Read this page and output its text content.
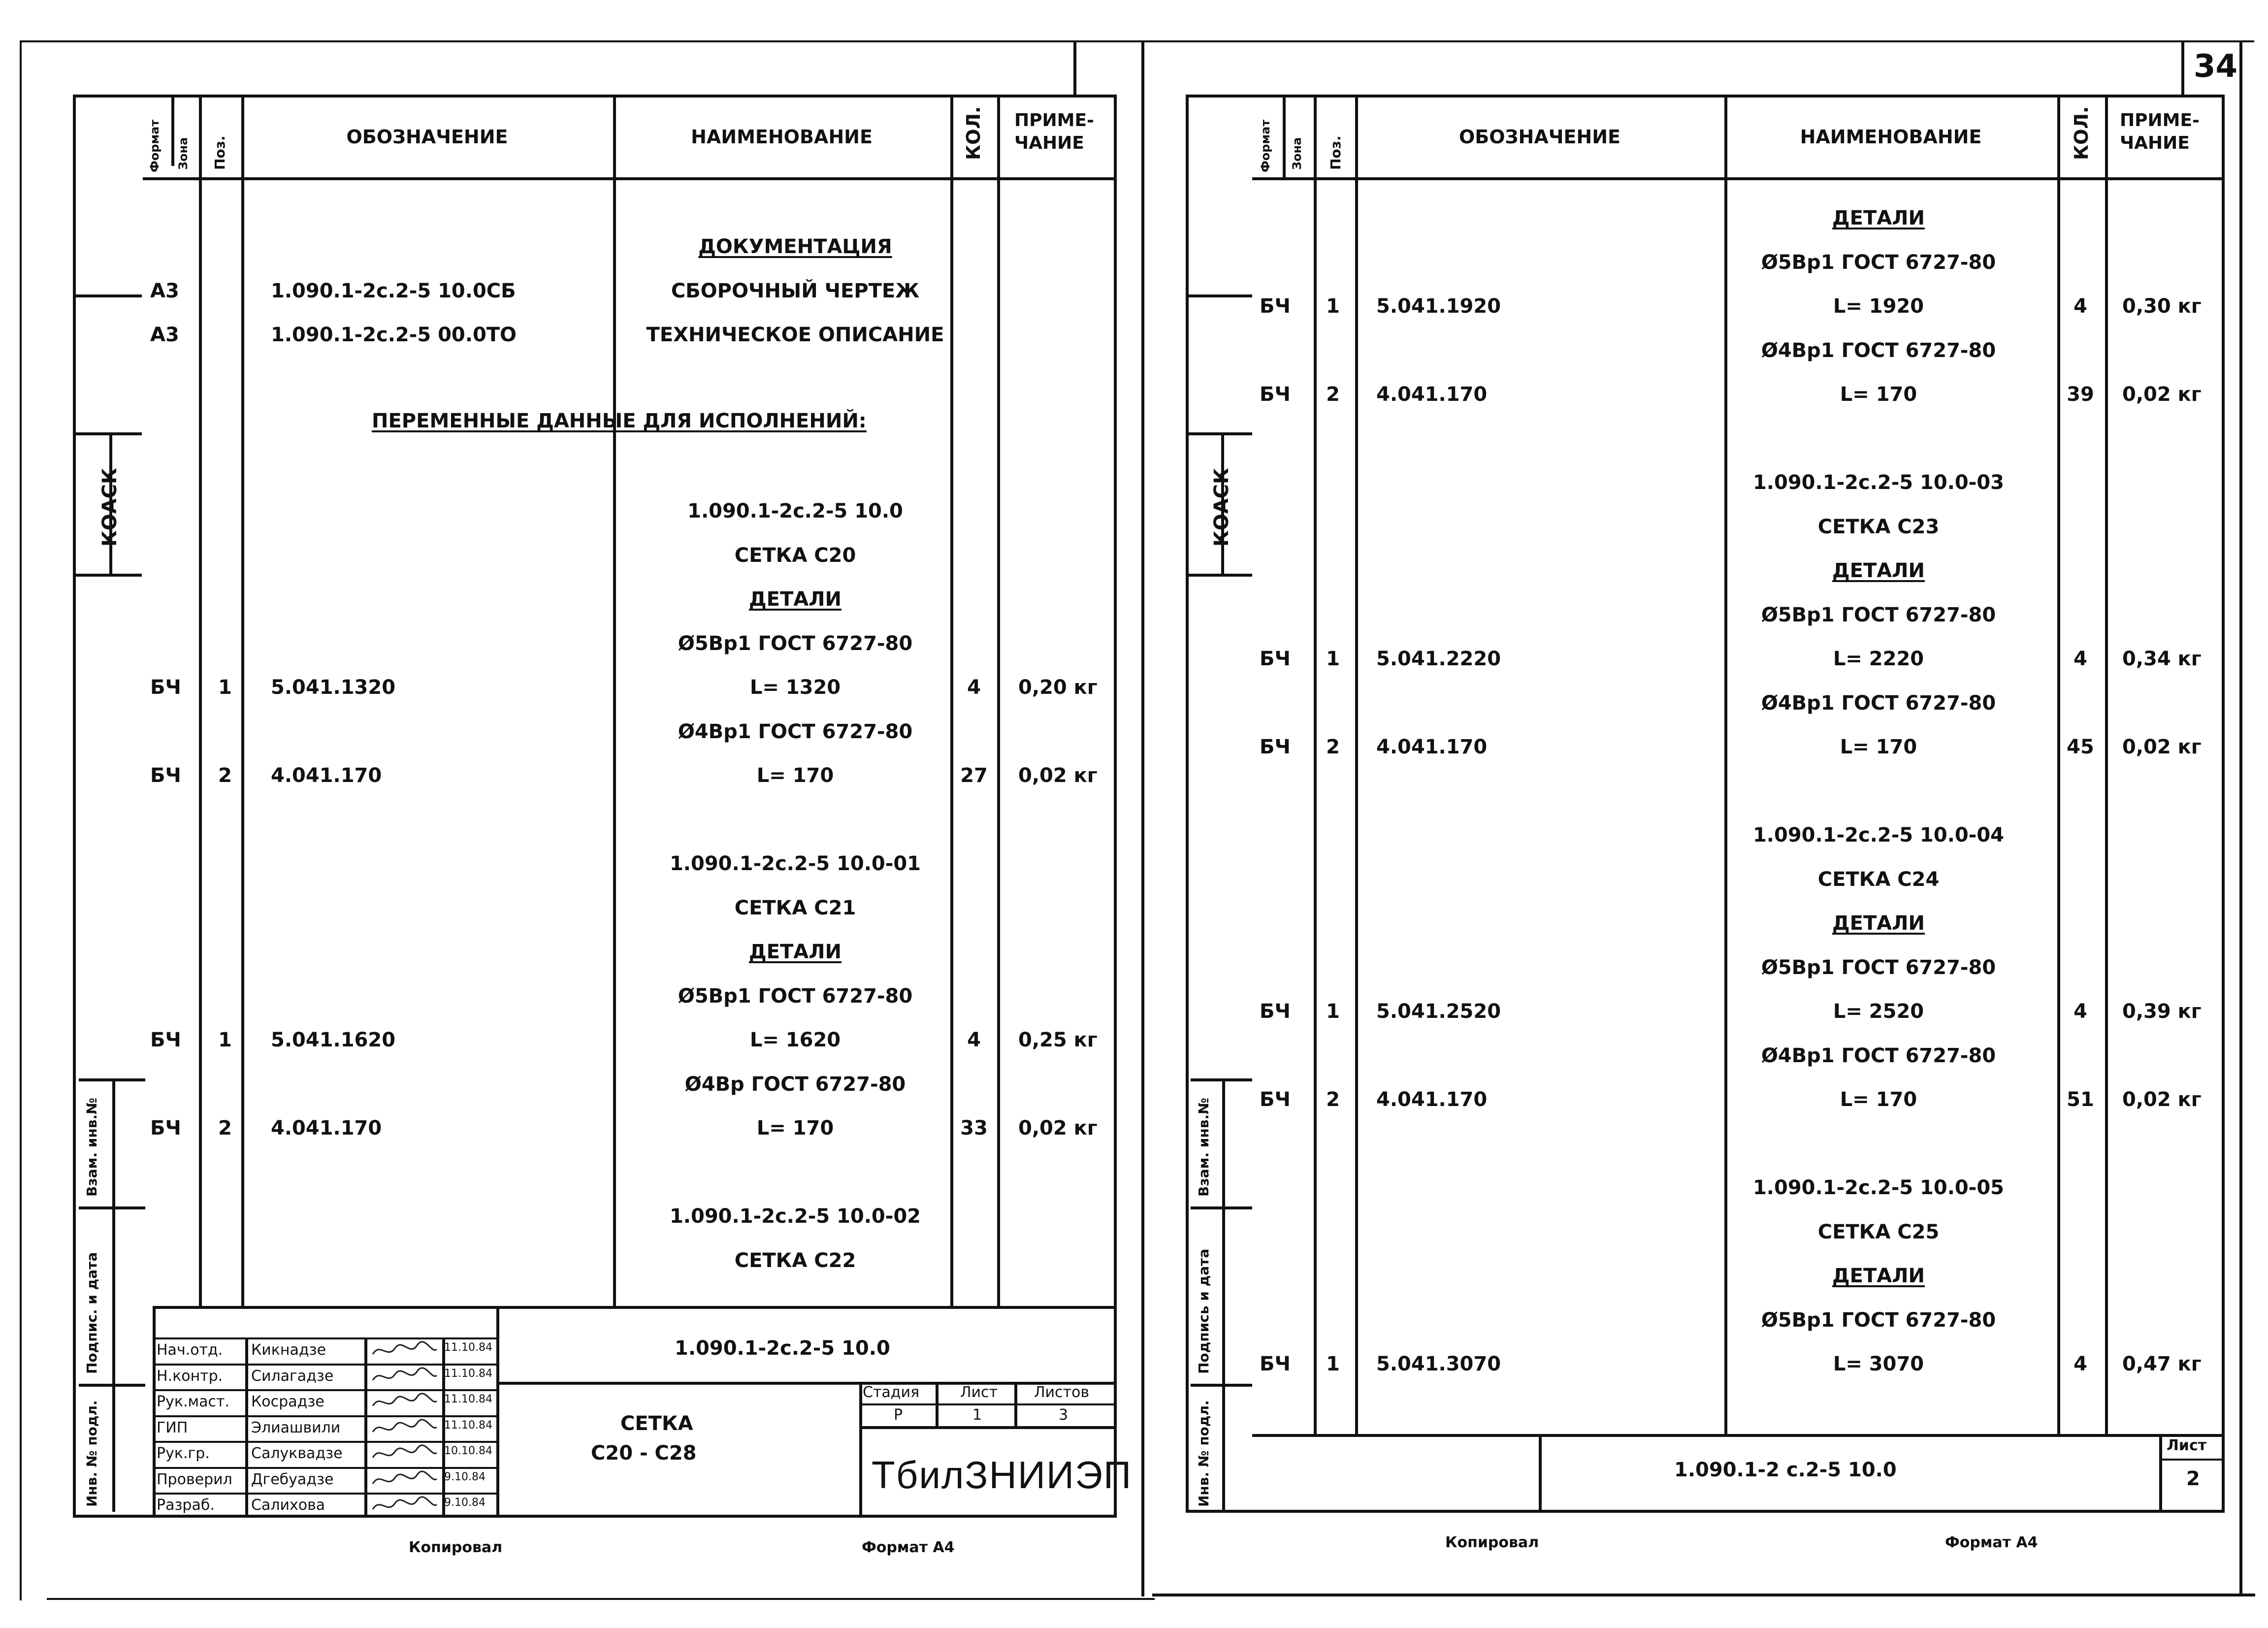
КОАСК
Взам. инв.№
Подпис. и дата
Инв. № подл.
Формат Зона Поз.	ОБОЗНАЧЕНИЕ	НАИМЕНОВАНИЕ	КОЛ. ПРИМЕ-
ЧАНИЕ
ДОКУМЕНТАЦИЯ
А3	1.090.1-2с.2-5 10.0СБ	СБОРОЧНЫЙ ЧЕРТЕЖ
А3	1.090.1-2с.2-5 00.0ТО	ТЕХНИЧЕСКОЕ ОПИСАНИЕ
1.090.1-2с.2-5 10.0
СЕТКА С20
ДЕТАЛИ
Ø5Вр1 ГОСТ 6727-80
БЧ 1 5.041.1320	L= 1320	4 0,20 кг
Ø4Вр1 ГОСТ 6727-80
БЧ 2 4.041.170	L= 170	27 0,02 кг
1.090.1-2с.2-5 10.0-01
СЕТКА С21
ДЕТАЛИ
Ø5Вр1 ГОСТ 6727-80
БЧ 1 5.041.1620	L= 1620	4 0,25 кг
Ø4Вр ГОСТ 6727-80
БЧ 2 4.041.170	L= 170	33 0,02 кг
1.090.1-2с.2-5 10.0-02
СЕТКА С22
ПЕРЕМЕННЫЕ ДАННЫЕ ДЛЯ ИСПОЛНЕНИЙ:
Нач.отд. Кикнадзе	11.10.84
Н.контр. Силагадзе	11.10.84
Рук.маст. Косрадзе	11.10.84
ГИП	Элиашвили	11.10.84
Рук.гр.	Салуквадзе	10.10.84
Проверил Дгебуадзе	9.10.84
Разраб. Салихова	9.10.84
1.090.1-2с.2-5 10.0
СЕТКА
С20 - С28
Стадия	Лист Листов
Р	1	3
ТбилЗНИИЭП
Копировал	Формат А4
34
КОАСК
Взам. инв.№
Подпись и дата
Инв. № подл.
Формат Зона Поз.	ОБОЗНАЧЕНИЕ	НАИМЕНОВАНИЕ	КОЛ. ПРИМЕ-
ЧАНИЕ
ДЕТАЛИ
Ø5Вр1 ГОСТ 6727-80
БЧ 1 5.041.1920	L= 1920	4 0,30 кг
Ø4Вр1 ГОСТ 6727-80
БЧ 2 4.041.170	L= 170	39 0,02 кг
1.090.1-2с.2-5 10.0-03
СЕТКА С23
ДЕТАЛИ
Ø5Вр1 ГОСТ 6727-80
БЧ 1 5.041.2220	L= 2220	4 0,34 кг
Ø4Вр1 ГОСТ 6727-80
БЧ 2 4.041.170	L= 170	45 0,02 кг
1.090.1-2с.2-5 10.0-04
СЕТКА С24
ДЕТАЛИ
Ø5Вр1 ГОСТ 6727-80
БЧ 1 5.041.2520	L= 2520	4 0,39 кг
Ø4Вр1 ГОСТ 6727-80
БЧ 2 4.041.170	L= 170	51 0,02 кг
1.090.1-2с.2-5 10.0-05
СЕТКА С25
ДЕТАЛИ
Ø5Вр1 ГОСТ 6727-80
БЧ 1 5.041.3070	L= 3070	4 0,47 кг
1.090.1-2 с.2-5 10.0
Лист
2
Копировал	Формат А4
